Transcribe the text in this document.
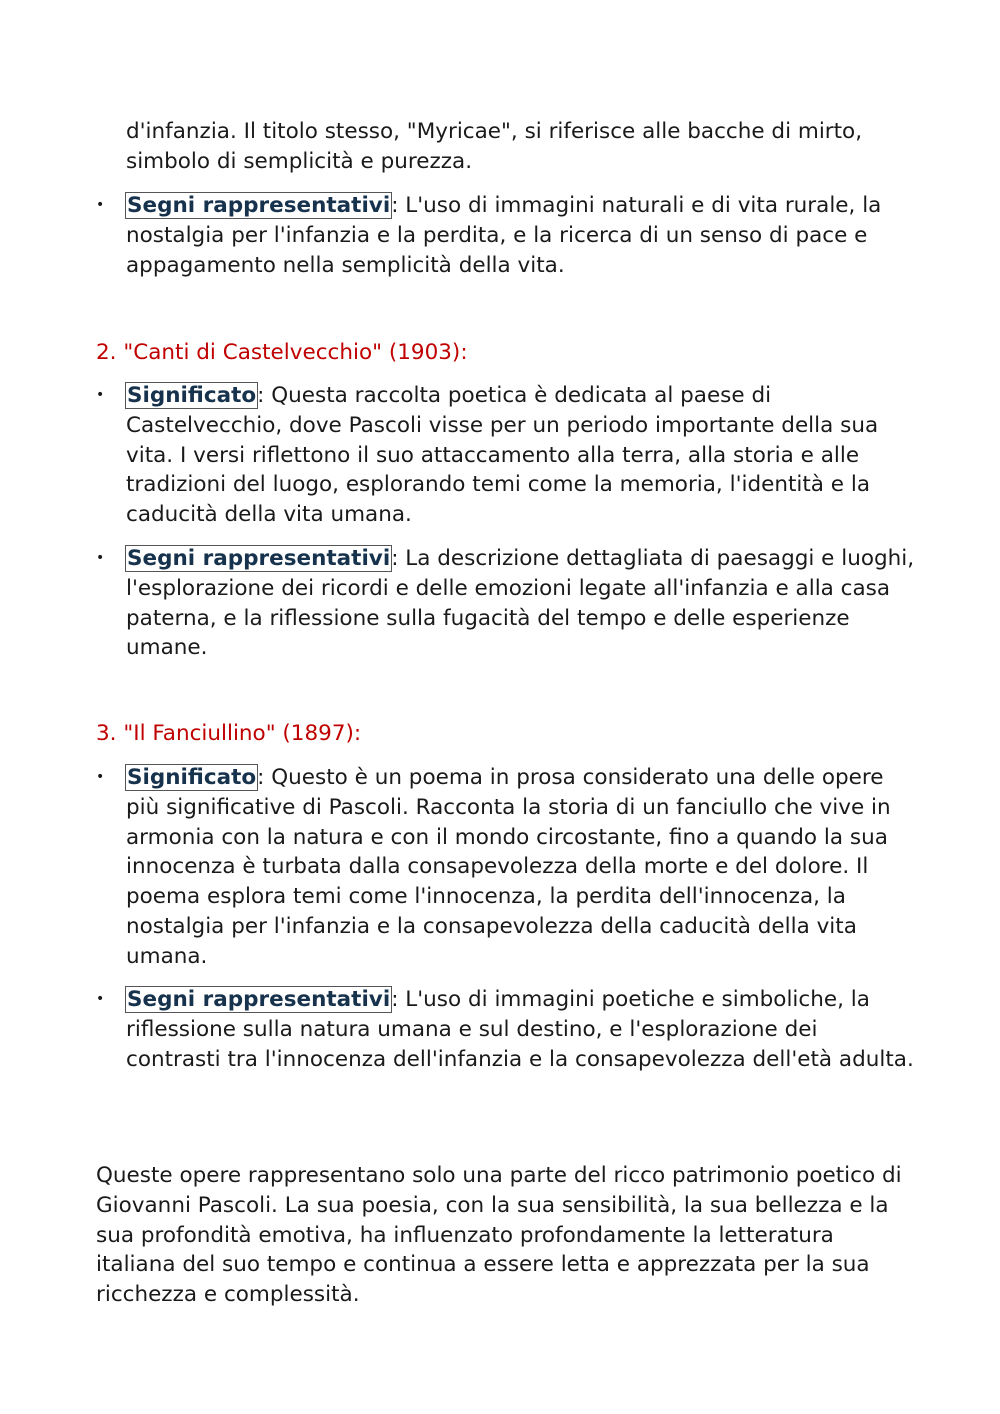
d'infanzia. Il titolo stesso, "Myricae", si riferisce alle bacche di mirto, simbolo di semplicità e purezza.

•	Segni rappresentativi: L'uso di immagini naturali e di vita rurale, la nostalgia per l'infanzia e la perdita, e la ricerca di un senso di pace e appagamento nella semplicità della vita.

2. "Canti di Castelvecchio" (1903):

•	Significato: Questa raccolta poetica è dedicata al paese di Castelvecchio, dove Pascoli visse per un periodo importante della sua vita. I versi riflettono il suo attaccamento alla terra, alla storia e alle tradizioni del luogo, esplorando temi come la memoria, l'identità e la caducità della vita umana.
•	Segni rappresentativi: La descrizione dettagliata di paesaggi e luoghi, l'esplorazione dei ricordi e delle emozioni legate all'infanzia e alla casa paterna, e la riflessione sulla fugacità del tempo e delle esperienze umane.

3. "Il Fanciullino" (1897):

•	Significato: Questo è un poema in prosa considerato una delle opere più significative di Pascoli. Racconta la storia di un fanciullo che vive in armonia con la natura e con il mondo circostante, fino a quando la sua innocenza è turbata dalla consapevolezza della morte e del dolore. Il poema esplora temi come l'innocenza, la perdita dell'innocenza, la nostalgia per l'infanzia e la consapevolezza della caducità della vita umana.
•	Segni rappresentativi: L'uso di immagini poetiche e simboliche, la riflessione sulla natura umana e sul destino, e l'esplorazione dei contrasti tra l'innocenza dell'infanzia e la consapevolezza dell'età adulta.

Queste opere rappresentano solo una parte del ricco patrimonio poetico di Giovanni Pascoli. La sua poesia, con la sua sensibilità, la sua bellezza e la sua profondità emotiva, ha influenzato profondamente la letteratura italiana del suo tempo e continua a essere letta e apprezzata per la sua ricchezza e complessità.
